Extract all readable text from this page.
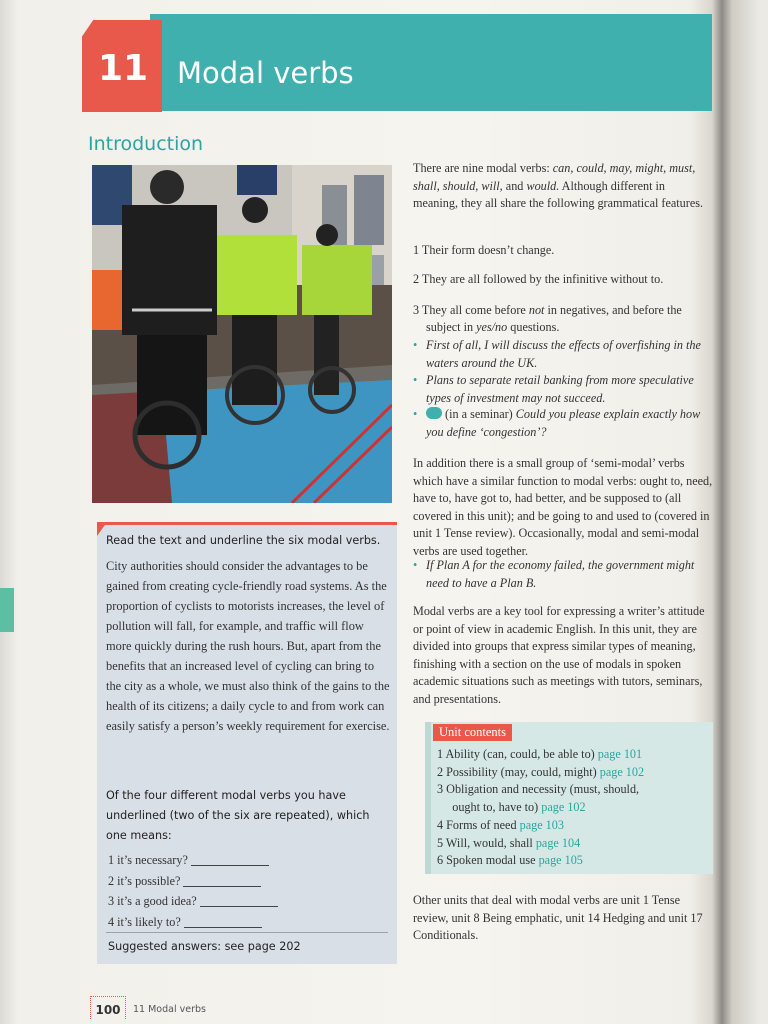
11 Modal verbs
Introduction
Read the text and underline the six modal verbs.
City authorities should consider the advantages to be gained from creating cycle-friendly road systems. As the proportion of cyclists to motorists increases, the level of pollution will fall, for example, and traffic will flow more quickly during the rush hours. But, apart from the benefits that an increased level of cycling can bring to the city as a whole, we must also think of the gains to the health of its citizens; a daily cycle to and from work can easily satisfy a person’s weekly requirement for exercise.
Of the four different modal verbs you have underlined (two of the six are repeated), which one means:
1 it’s necessary?
2 it’s possible?
3 it’s a good idea?
4 it’s likely to?
Suggested answers: see page 202
There are nine modal verbs: can, could, may, might, must, shall, should, will, and would. Although different in meaning, they all share the following grammatical features.
1 Their form doesn’t change.
2 They are all followed by the infinitive without to.
3 They all come before not in negatives, and before the
subject in yes/no questions.
• First of all, I will discuss the effects of overfishing in the waters around the UK.
• Plans to separate retail banking from more speculative types of investment may not succeed.
•	(in a seminar) Could you please explain exactly how you define ‘congestion’?
In addition there is a small group of ‘semi-modal’ verbs which have a similar function to modal verbs: ought to, need, have to, have got to, had better, and be supposed to (all covered in this unit); and be going to and used to (covered in unit 1 Tense review). Occasionally, modal and semi-modal verbs are used together.
• If Plan A for the economy failed, the government might need to have a Plan B.
Modal verbs are a key tool for expressing a writer’s attitude or point of view in academic English. In this unit, they are divided into groups that express similar types of meaning, finishing with a section on the use of modals in spoken academic situations such as meetings with tutors, seminars, and presentations.
Unit contents
1 Ability (can, could, be able to) page 101
2 Possibility (may, could, might) page 102
3 Obligation and necessity (must, should,
ought to, have to) page 102
4 Forms of need page 103
5 Will, would, shall page 104
6 Spoken modal use page 105
Other units that deal with modal verbs are unit 1 Tense review, unit 8 Being emphatic, unit 14 Hedging and unit 17 Conditionals.
100	11 Modal verbs
